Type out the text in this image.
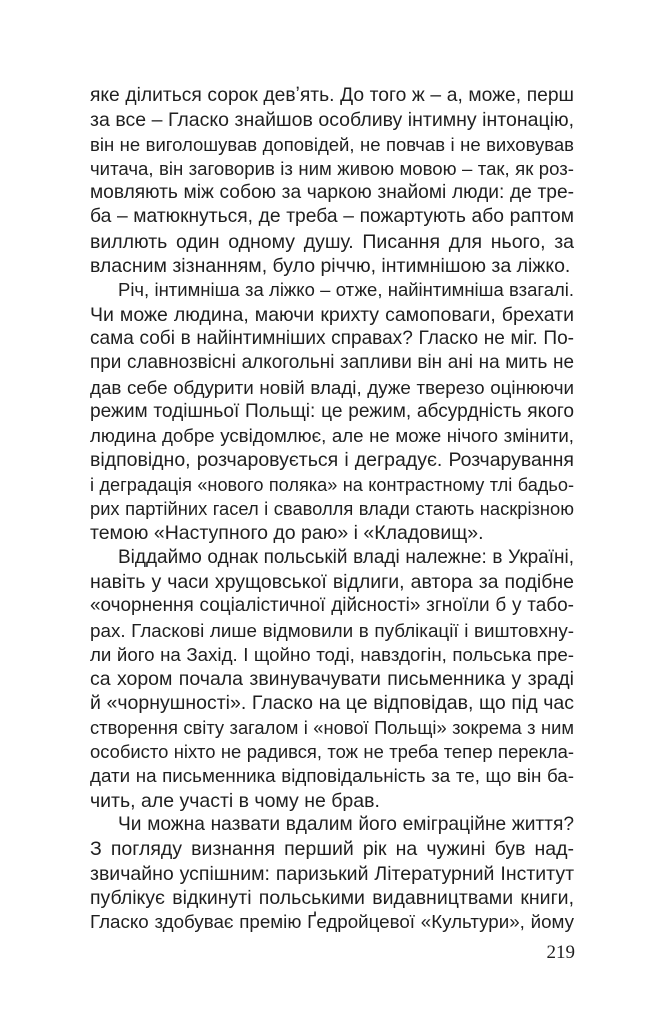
яке ділиться сорок девʼять. До того ж – а, може, перш
за все – Гласко знайшов особливу інтимну інтонацію,
він не виголошував доповідей, не повчав і не виховував
читача, він заговорив із ним живою мовою – так, як роз-
мовляють між собою за чаркою знайомі люди: де тре-
ба – матюкнуться, де треба – пожартують або раптом
виллють один одному душу. Писання для нього, за
власним зізнанням, було річчю, інтимнішою за ліжко.
Річ, інтимніша за ліжко – отже, найінтимніша взагалі.
Чи може людина, маючи крихту самоповаги, брехати
сама собі в найінтимніших справах? Гласко не міг. По-
при славнозвісні алкогольні запливи він ані на мить не
дав себе обдурити новій владі, дуже тверезо оцінюючи
режим тодішньої Польщі: це режим, абсурдність якого
людина добре усвідомлює, але не може нічого змінити,
відповідно, розчаровується і деградує. Розчарування
і деградація «нового поляка» на контрастному тлі бадьо-
рих партійних гасел і сваволля влади стають наскрізною
темою «Наступного до раю» і «Кладовищ».
Віддаймо однак польській владі належне: в Україні,
навіть у часи хрущовської відлиги, автора за подібне
«очорнення соціалістичної дійсності» згноїли б у табо-
рах. Гласкові лише відмовили в публікації і виштовхну-
ли його на Захід. І щойно тоді, навздогін, польська пре-
са хором почала звинувачувати письменника у зраді
й «чорнушності». Гласко на це відповідав, що під час
створення світу загалом і «нової Польщі» зокрема з ним
особисто ніхто не радився, тож не треба тепер перекла-
дати на письменника відповідальність за те, що він ба-
чить, але участі в чому не брав.
Чи можна назвати вдалим його еміграційне життя?
З погляду визнання перший рік на чужині був над-
звичайно успішним: паризький Літературний Інститут
публікує відкинуті польськими видавництвами книги,
Гласко здобуває премію Ґедройцевої «Культури», йому
219
